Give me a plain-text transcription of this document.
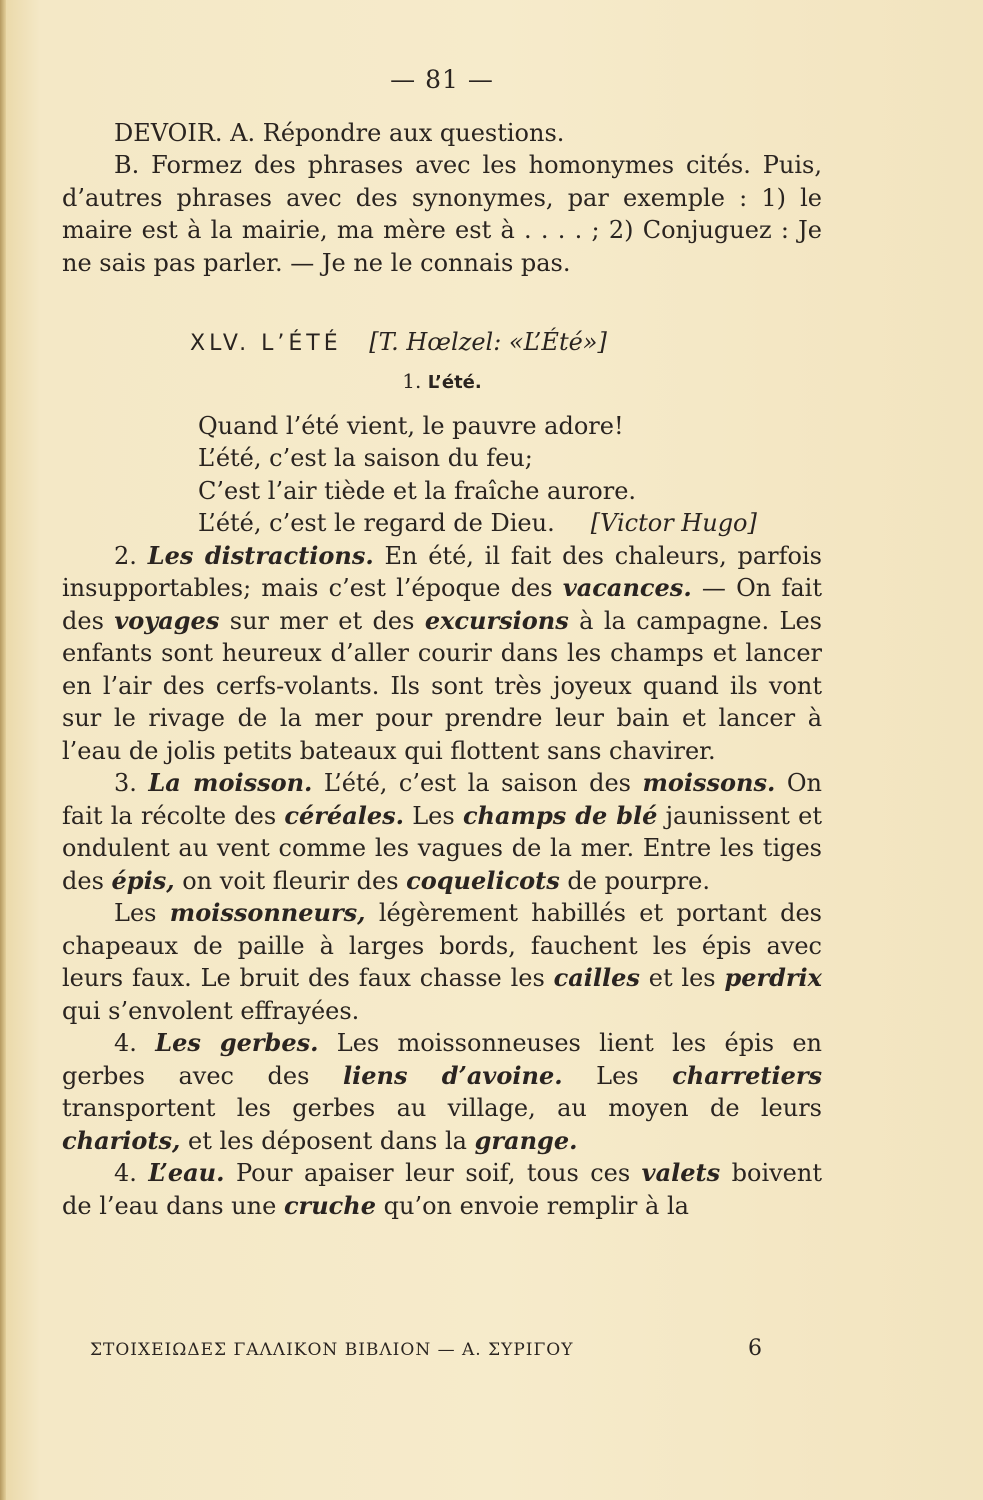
— 81 —

DEVOIR. A. Répondre aux questions.

B. Formez des phrases avec les homonymes cités. Puis, d’autres phrases avec des synonymes, par exemple : 1) le maire est à la mairie, ma mère est à . . . . ; 2) Conjuguez : Je ne sais pas parler. — Je ne le connais pas.

XLV. L’ÉTÉ [T. Hœlzel: «L’Été»]
1. L’été.
Quand l’été vient, le pauvre adore!
L’été, c’est la saison du feu;
C’est l’air tiède et la fraîche aurore.
L’été, c’est le regard de Dieu. [Victor Hugo]

2. Les distractions. En été, il fait des chaleurs, parfois insupportables; mais c’est l’époque des vacances. — On fait des voyages sur mer et des excursions à la campagne. Les enfants sont heureux d’aller courir dans les champs et lancer en l’air des cerfs-volants. Ils sont très joyeux quand ils vont sur le rivage de la mer pour prendre leur bain et lancer à l’eau de jolis petits bateaux qui flottent sans chavirer.

3. La moisson. L’été, c’est la saison des moissons. On fait la récolte des céréales. Les champs de blé jaunissent et ondulent au vent comme les vagues de la mer. Entre les tiges des épis, on voit fleurir des coquelicots de pourpre.

Les moissonneurs, légèrement habillés et portant des chapeaux de paille à larges bords, fauchent les épis avec leurs faux. Le bruit des faux chasse les cailles et les perdrix qui s’envolent effrayées.

4. Les gerbes. Les moissonneuses lient les épis en gerbes avec des liens d’avoine. Les charretiers transportent les gerbes au village, au moyen de leurs chariots, et les déposent dans la grange.

4. L’eau. Pour apaiser leur soif, tous ces valets boivent de l’eau dans une cruche qu’on envoie remplir à la

ΣΤΟΙΧΕΙΩΔΕΣ ΓΑΛΛΙΚΟΝ ΒΙΒΛΙΟΝ — Α. ΣΥΡΙΓΟΥ	6
